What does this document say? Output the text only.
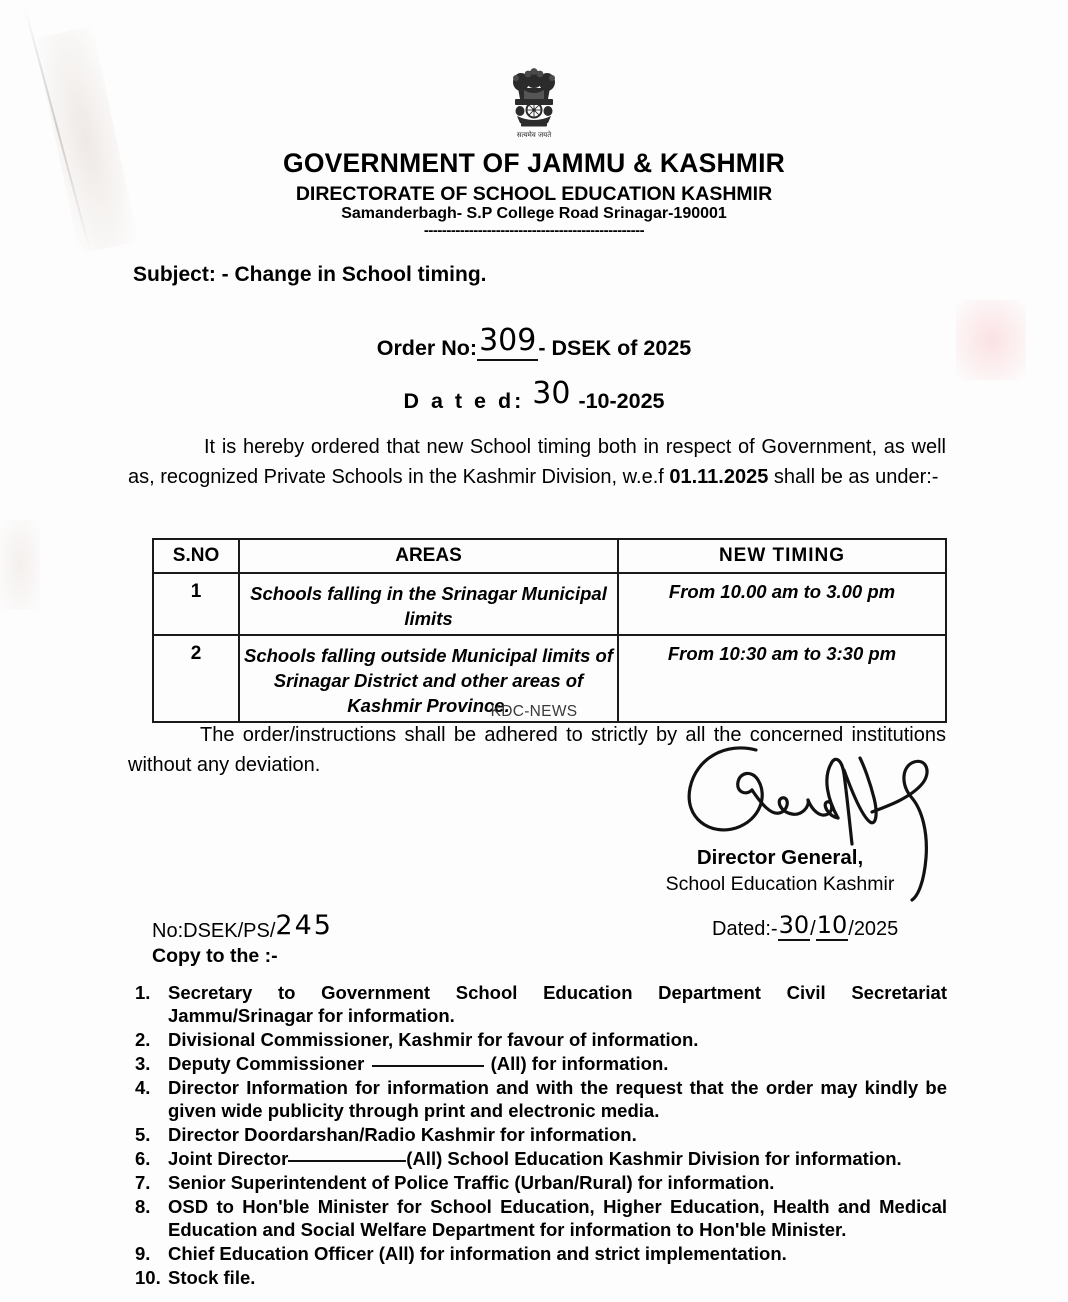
सत्यमेव जयते
GOVERNMENT OF JAMMU & KASHMIR
DIRECTORATE OF SCHOOL EDUCATION KASHMIR
Samanderbagh- S.P College Road Srinagar-190001
-------------------------------------------------
Subject: - Change in School timing.
Order No:309- DSEK of 2025
D a t e d: 30 -10-2025
It is hereby ordered that new School timing both in respect of Government, as well as, recognized Private Schools in the Kashmir Division, w.e.f 01.11.2025 shall be as under:-
S.NO	AREAS	NEW TIMING
1	Schools falling in the Srinagar Municipal limits	From 10.00 am to 3.00 pm
2	Schools falling outside Municipal limits of Srinagar District and other areas of Kashmir Province.	From 10:30 am to 3:30 pm
KDC-NEWS
The order/instructions shall be adhered to strictly by all the concerned institutions without any deviation.
Director General,
School Education Kashmir
No:DSEK/PS/245
Copy to the :-
Dated:-30/10/2025
1. Secretary to Government School Education Department Civil Secretariat Jammu/Srinagar for information.
2. Divisional Commissioner, Kashmir for favour of information.
3. Deputy Commissioner	(All) for information.
4. Director Information for information and with the request that the order may kindly be given wide publicity through print and electronic media.
5. Director Doordarshan/Radio Kashmir for information.
6. Joint Director	(All) School Education Kashmir Division for information.
7. Senior Superintendent of Police Traffic (Urban/Rural) for information.
8. OSD to Hon'ble Minister for School Education, Higher Education, Health and Medical Education and Social Welfare Department for information to Hon'ble Minister.
9. Chief Education Officer (All) for information and strict implementation.
10. Stock file.
